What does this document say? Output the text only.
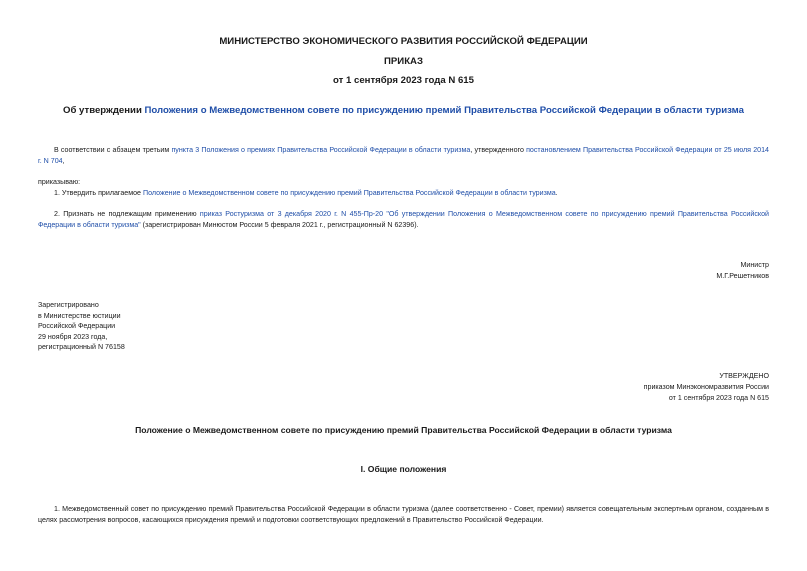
МИНИСТЕРСТВО ЭКОНОМИЧЕСКОГО РАЗВИТИЯ РОССИЙСКОЙ ФЕДЕРАЦИИ
ПРИКАЗ
от 1 сентября 2023 года N 615
Об утверждении Положения о Межведомственном совете по присуждению премий Правительства Российской Федерации в области туризма
В соответствии с абзацем третьим пункта 3 Положения о премиях Правительства Российской Федерации в области туризма, утвержденного постановлением Правительства Российской Федерации от 25 июля 2014 г. N 704,
приказываю:
1. Утвердить прилагаемое Положение о Межведомственном совете по присуждению премий Правительства Российской Федерации в области туризма.
2. Признать не подлежащим применению приказ Ростуризма от 3 декабря 2020 г. N 455-Пр-20 "Об утверждении Положения о Межведомственном совете по присуждению премий Правительства Российской Федерации в области туризма" (зарегистрирован Минюстом России 5 февраля 2021 г., регистрационный N 62396).
Министр
М.Г.Решетников
Зарегистрировано
в Министерстве юстиции
Российской Федерации
29 ноября 2023 года,
регистрационный N 76158
УТВЕРЖДЕНО
приказом Минэкономразвития России
от 1 сентября 2023 года N 615
Положение о Межведомственном совете по присуждению премий Правительства Российской Федерации в области туризма
I. Общие положения
1. Межведомственный совет по присуждению премий Правительства Российской Федерации в области туризма (далее соответственно - Совет, премии) является совещательным экспертным органом, созданным в целях рассмотрения вопросов, касающихся присуждения премий и подготовки соответствующих предложений в Правительство Российской Федерации.
